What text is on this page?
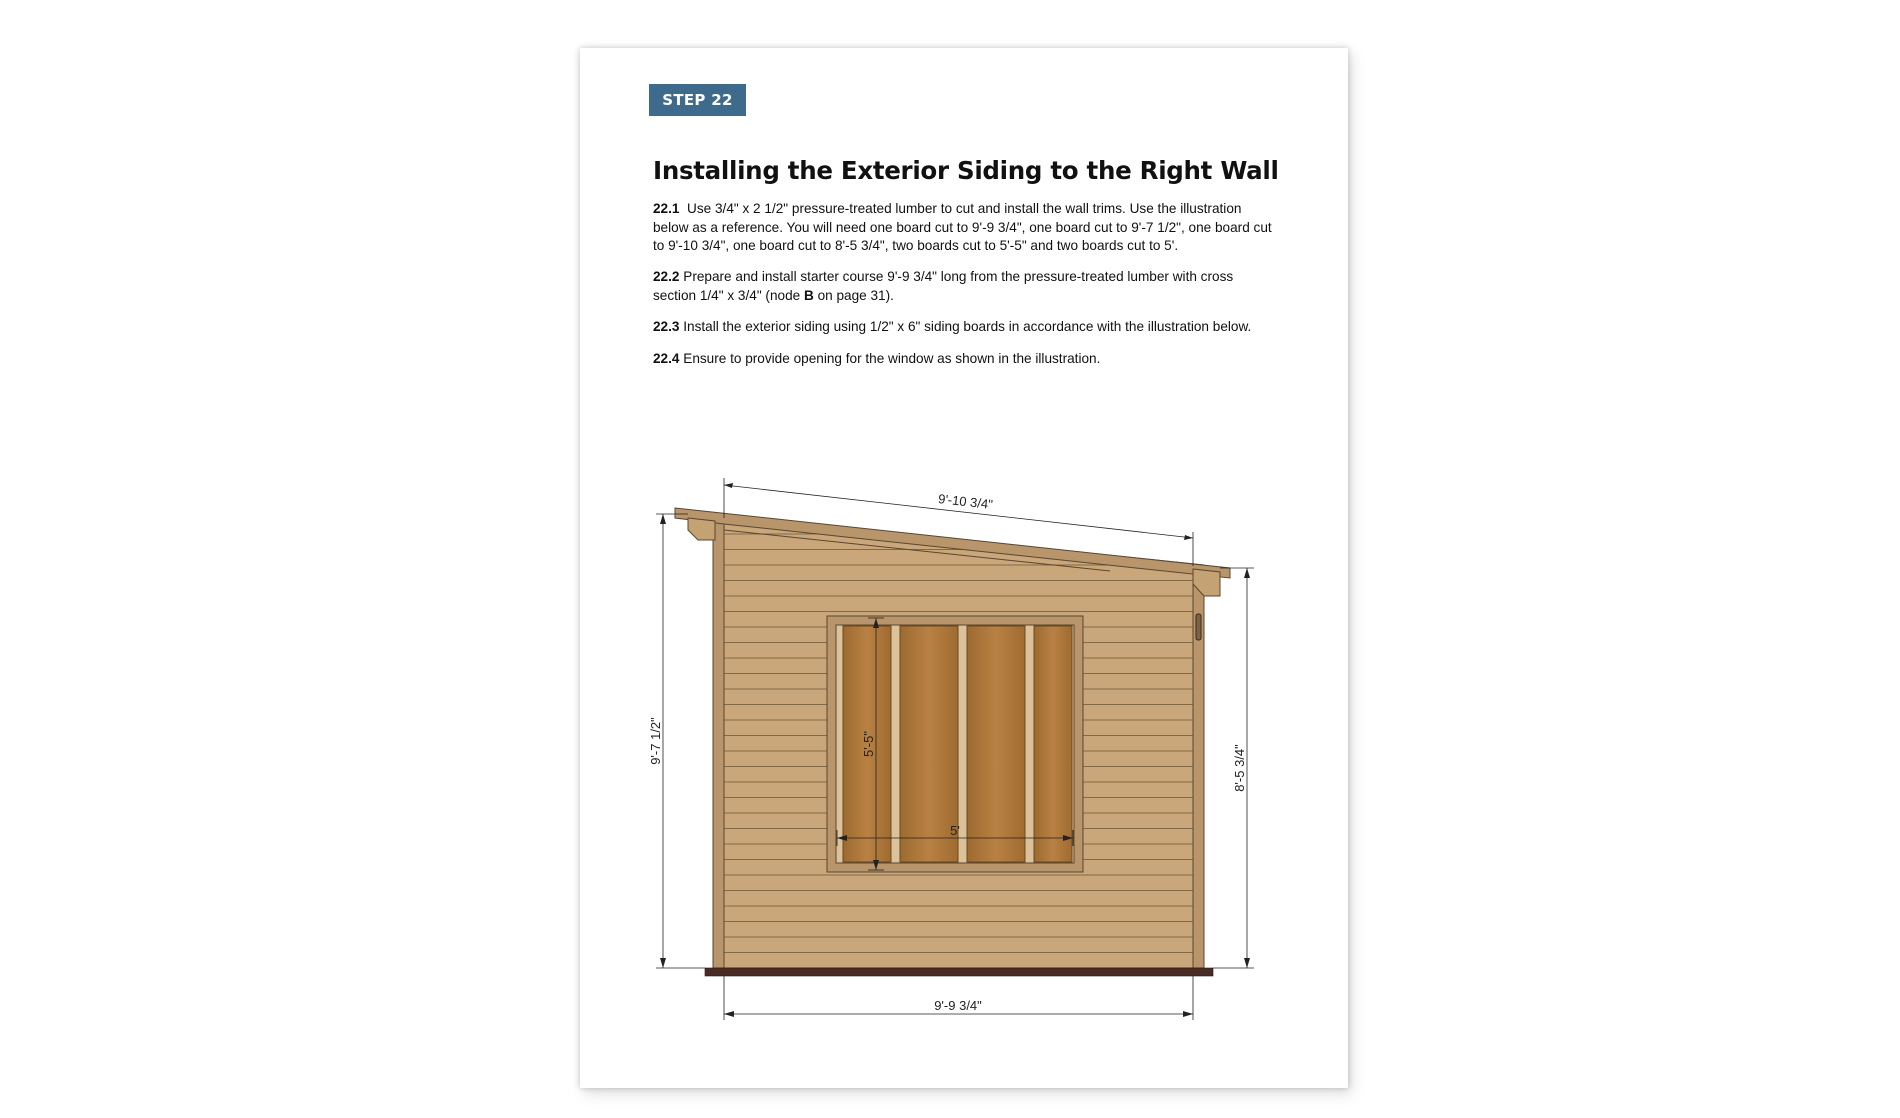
STEP 22
Installing the Exterior Siding to the Right Wall

22.1 Use 3/4" x 2 1/2" pressure-treated lumber to cut and install the wall trims. Use the illustration below as a reference. You will need one board cut to 9'-9 3/4", one board cut to 9'-7 1/2", one board cut to 9'-10 3/4", one board cut to 8'-5 3/4", two boards cut to 5'-5" and two boards cut to 5'.

22.2 Prepare and install starter course 9'-9 3/4" long from the pressure-treated lumber with cross section 1/4" x 3/4" (node B on page 31).

22.3 Install the exterior siding using 1/2" x 6" siding boards in accordance with the illustration below.

22.4 Ensure to provide opening for the window as shown in the illustration.

9'-10 3/4"
9'-7 1/2"
8'-5 3/4"
9'-9 3/4"
5'-5"
5'
